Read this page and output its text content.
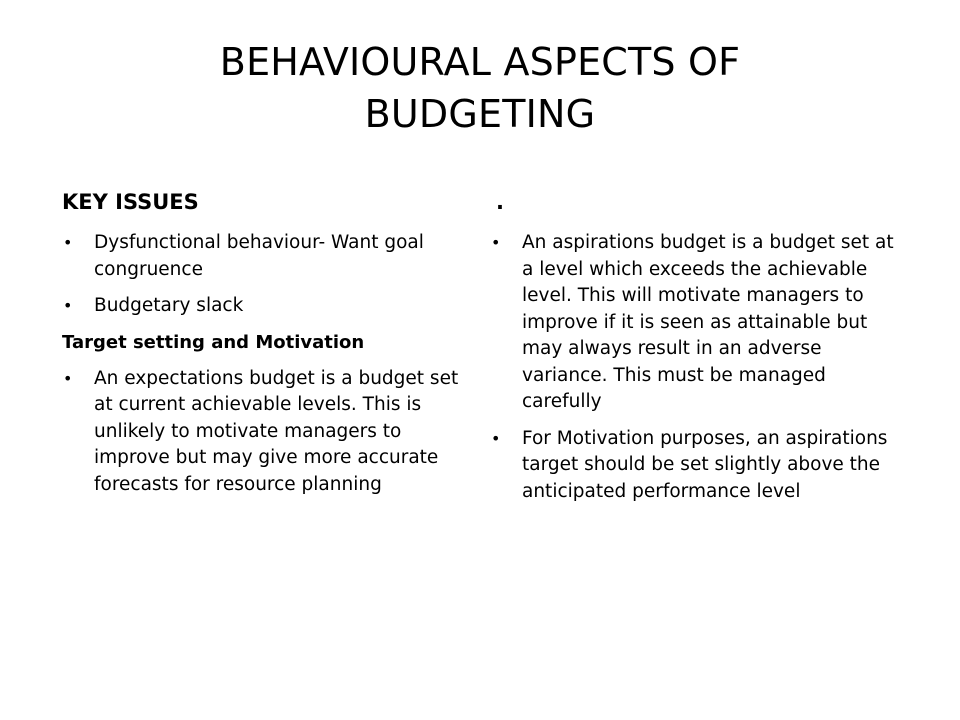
BEHAVIOURAL ASPECTS OF
BUDGETING
KEY ISSUES
• Dysfunctional behaviour- Want goal congruence
• Budgetary slack
Target setting and Motivation
• An expectations budget is a budget set at current achievable levels. This is unlikely to motivate managers to improve but may give more accurate forecasts for resource planning
.
• An aspirations budget is a budget set at a level which exceeds the achievable level. This will motivate managers to improve if it is seen as attainable but may always result in an adverse variance. This must be managed carefully
• For Motivation purposes, an aspirations target should be set slightly above the anticipated performance level
